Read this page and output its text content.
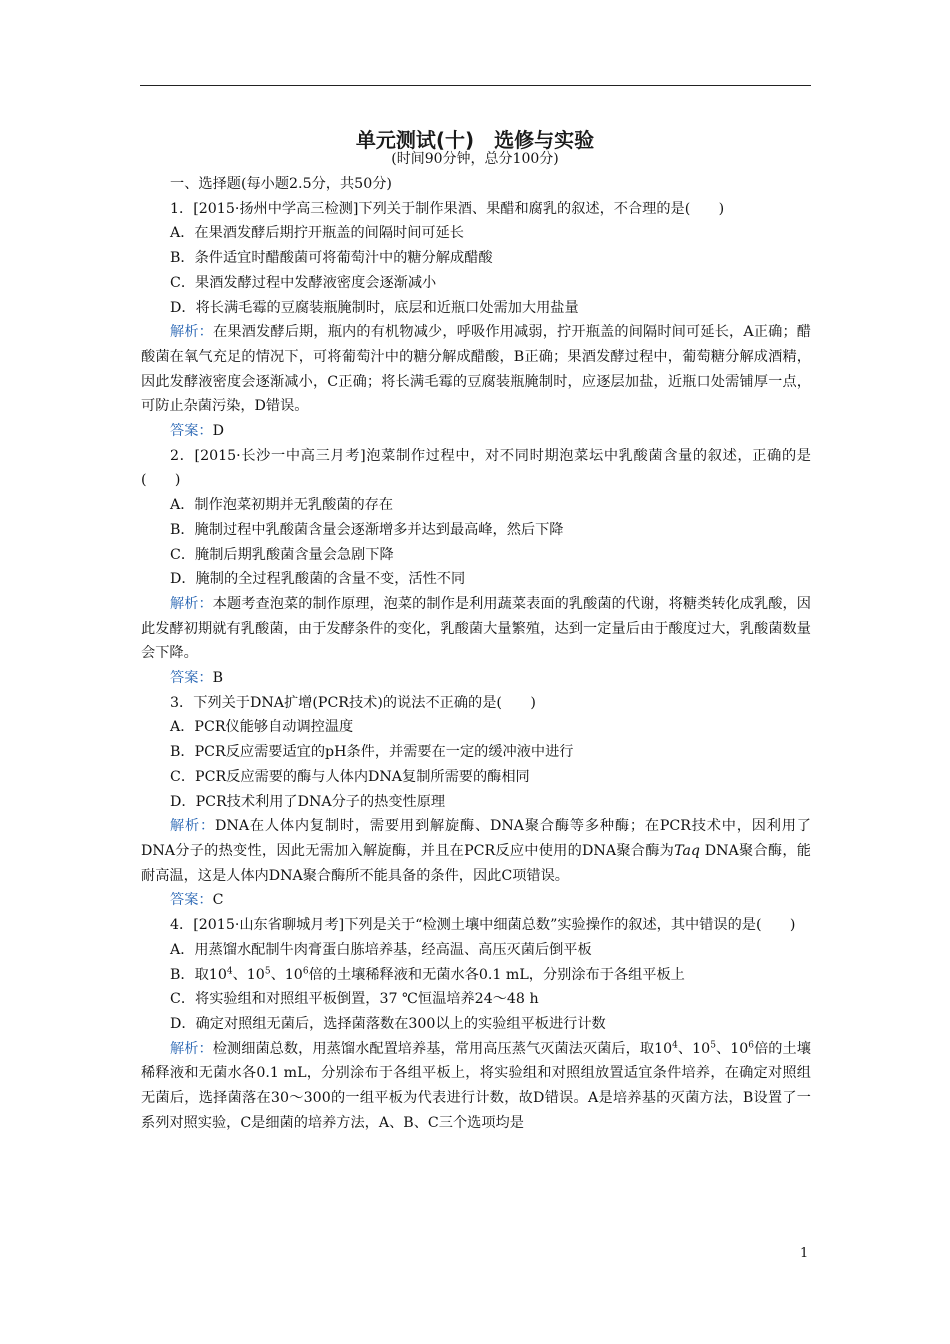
单元测试(十)　选修与实验
(时间90分钟，总分100分)

一、选择题(每小题2.5分，共50分)

1．[2015·扬州中学高三检测]下列关于制作果酒、果醋和腐乳的叙述，不合理的是(　　)

A．在果酒发酵后期拧开瓶盖的间隔时间可延长

B．条件适宜时醋酸菌可将葡萄汁中的糖分解成醋酸

C．果酒发酵过程中发酵液密度会逐渐减小

D．将长满毛霉的豆腐装瓶腌制时，底层和近瓶口处需加大用盐量

解析：在果酒发酵后期，瓶内的有机物减少，呼吸作用减弱，拧开瓶盖的间隔时间可延长，A正确；醋酸菌在氧气充足的情况下，可将葡萄汁中的糖分解成醋酸，B正确；果酒发酵过程中，葡萄糖分解成酒精，因此发酵液密度会逐渐减小，C正确；将长满毛霉的豆腐装瓶腌制时，应逐层加盐，近瓶口处需铺厚一点，可防止杂菌污染，D错误。

答案：D

2．[2015·长沙一中高三月考]泡菜制作过程中，对不同时期泡菜坛中乳酸菌含量的叙述，正确的是 (　　)

A．制作泡菜初期并无乳酸菌的存在

B．腌制过程中乳酸菌含量会逐渐增多并达到最高峰，然后下降

C．腌制后期乳酸菌含量会急剧下降

D．腌制的全过程乳酸菌的含量不变，活性不同

解析：本题考查泡菜的制作原理，泡菜的制作是利用蔬菜表面的乳酸菌的代谢，将糖类转化成乳酸，因此发酵初期就有乳酸菌，由于发酵条件的变化，乳酸菌大量繁殖，达到一定量后由于酸度过大，乳酸菌数量会下降。

答案：B

3．下列关于DNA扩增(PCR技术)的说法不正确的是(　　)

A．PCR仪能够自动调控温度

B．PCR反应需要适宜的pH条件，并需要在一定的缓冲液中进行

C．PCR反应需要的酶与人体内DNA复制所需要的酶相同

D．PCR技术利用了DNA分子的热变性原理

解析：DNA在人体内复制时，需要用到解旋酶、DNA聚合酶等多种酶；在PCR技术中，因利用了DNA分子的热变性，因此无需加入解旋酶，并且在PCR反应中使用的DNA聚合酶为Taq DNA聚合酶，能耐高温，这是人体内DNA聚合酶所不能具备的条件，因此C项错误。

答案：C

4．[2015·山东省聊城月考]下列是关于“检测土壤中细菌总数”实验操作的叙述，其中错误的是(　　)

A．用蒸馏水配制牛肉膏蛋白胨培养基，经高温、高压灭菌后倒平板

B．取$10^4$、$10^5$、$10^6$倍的土壤稀释液和无菌水各0.1 mL，分别涂布于各组平板上

C．将实验组和对照组平板倒置，37 ℃恒温培养24～48 h

D．确定对照组无菌后，选择菌落数在300以上的实验组平板进行计数

解析：检测细菌总数，用蒸馏水配置培养基，常用高压蒸气灭菌法灭菌后，取$10^4$、$10^5$、$10^6$倍的土壤稀释液和无菌水各0.1 mL，分别涂布于各组平板上，将实验组和对照组放置适宜条件培养，在确定对照组无菌后，选择菌落在30～300的一组平板为代表进行计数，故D错误。A是培养基的灭菌方法，B设置了一系列对照实验，C是细菌的培养方法，A、B、C三个选项均是

1
